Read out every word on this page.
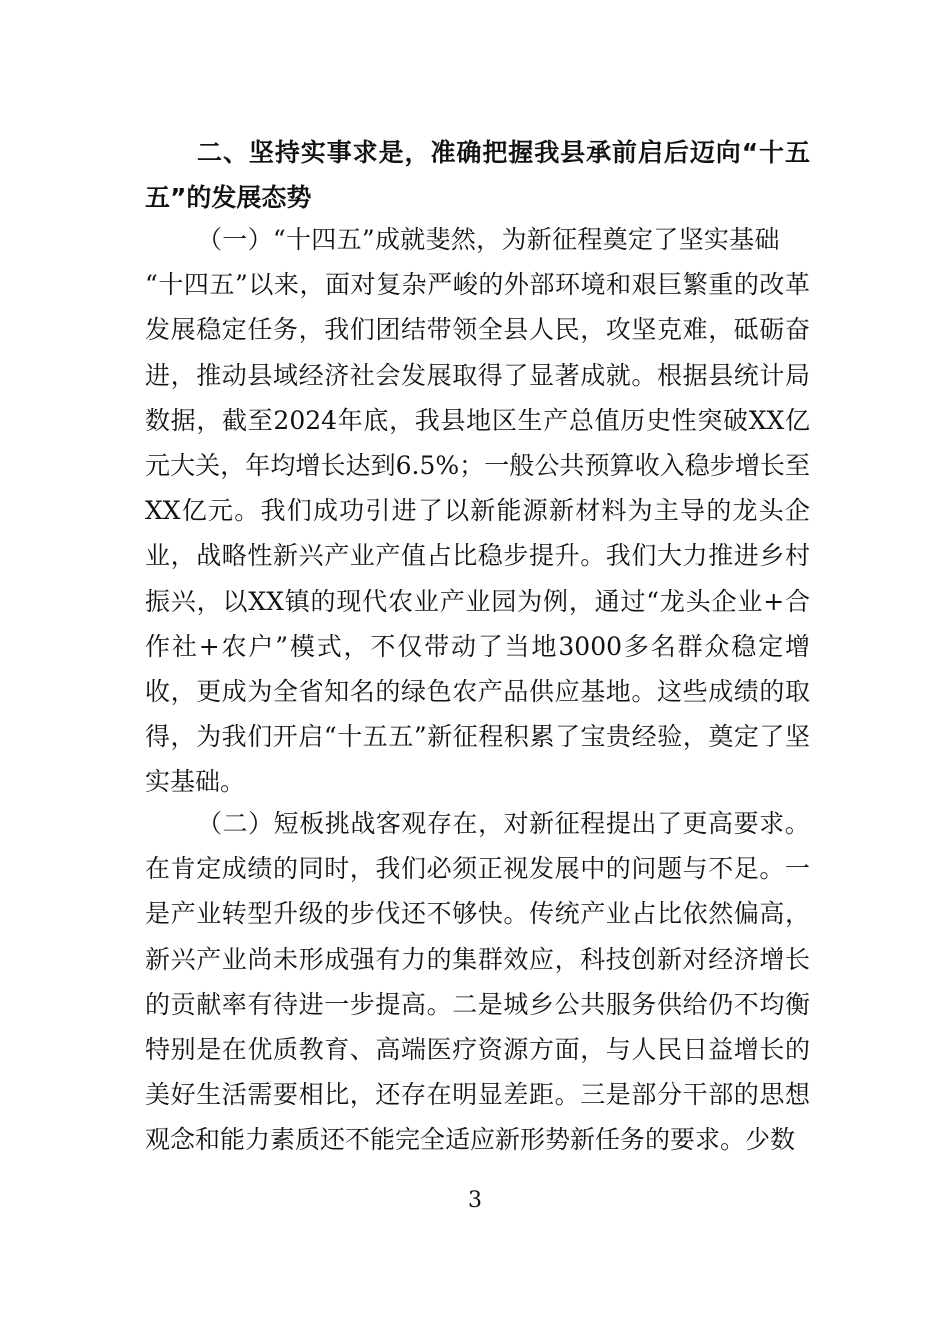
二、坚持实事求是，准确把握我县承前启后迈向“十五五”的发展态势

（一）“十四五”成就斐然，为新征程奠定了坚实基础
“十四五”以来，面对复杂严峻的外部环境和艰巨繁重的改革发展稳定任务，我们团结带领全县人民，攻坚克难，砥砺奋进，推动县域经济社会发展取得了显著成就。根据县统计局数据，截至2024年底，我县地区生产总值历史性突破XX亿元大关，年均增长达到6.5%；一般公共预算收入稳步增长至XX亿元。我们成功引进了以新能源新材料为主导的龙头企业，战略性新兴产业产值占比稳步提升。我们大力推进乡村振兴，以XX镇的现代农业产业园为例，通过“龙头企业+合作社+农户”模式，不仅带动了当地3000多名群众稳定增收，更成为全省知名的绿色农产品供应基地。这些成绩的取得，为我们开启“十五五”新征程积累了宝贵经验，奠定了坚实基础。
（二）短板挑战客观存在，对新征程提出了更高要求。在肯定成绩的同时，我们必须正视发展中的问题与不足。一是产业转型升级的步伐还不够快。传统产业占比依然偏高，新兴产业尚未形成强有力的集群效应，科技创新对经济增长的贡献率有待进一步提高。二是城乡公共服务供给仍不均衡特别是在优质教育、高端医疗资源方面，与人民日益增长的美好生活需要相比，还存在明显差距。三是部分干部的思想观念和能力素质还不能完全适应新形势新任务的要求。少数

3
